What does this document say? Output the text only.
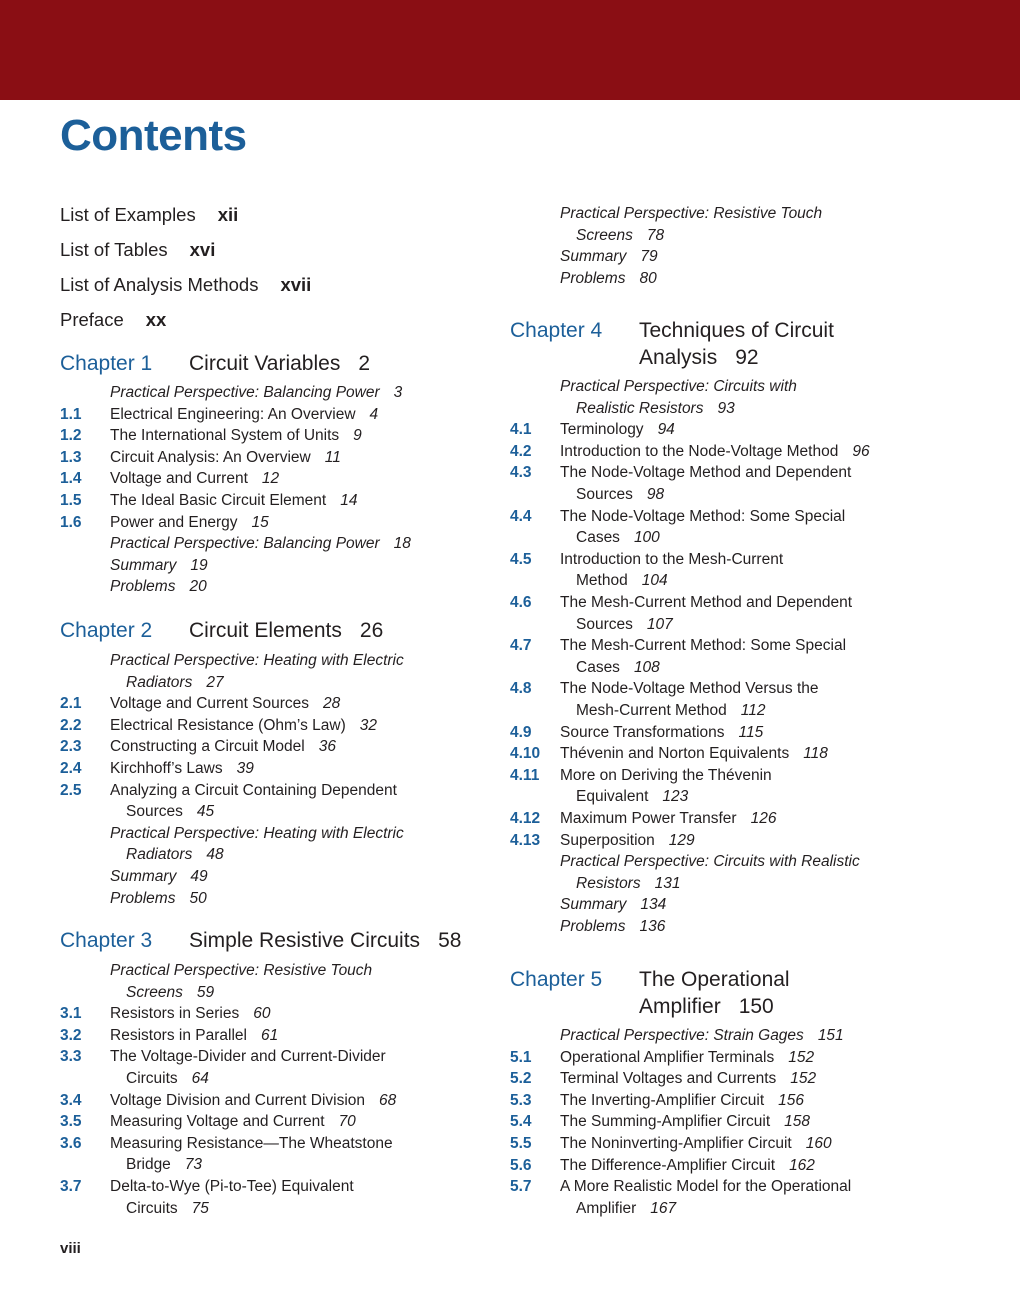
Contents
List of Examples xii
List of Tables xvi
List of Analysis Methods xvii
Preface xx
Chapter 1 Circuit Variables 2
Practical Perspective: Balancing Power 3
1.1 Electrical Engineering: An Overview 4
1.2 The International System of Units 9
1.3 Circuit Analysis: An Overview 11
1.4 Voltage and Current 12
1.5 The Ideal Basic Circuit Element 14
1.6 Power and Energy 15
Practical Perspective: Balancing Power 18
Summary 19
Problems 20
Chapter 2 Circuit Elements 26
Practical Perspective: Heating with Electric
Radiators 27
2.1 Voltage and Current Sources 28
2.2 Electrical Resistance (Ohm’s Law) 32
2.3 Constructing a Circuit Model 36
2.4 Kirchhoff’s Laws 39
2.5 Analyzing a Circuit Containing Dependent
Sources 45
Practical Perspective: Heating with Electric
Radiators 48
Summary 49
Problems 50
Chapter 3 Simple Resistive Circuits 58
Practical Perspective: Resistive Touch
Screens 59
3.1 Resistors in Series 60
3.2 Resistors in Parallel 61
3.3 The Voltage-Divider and Current-Divider
Circuits 64
3.4 Voltage Division and Current Division 68
3.5 Measuring Voltage and Current 70
3.6 Measuring Resistance—The Wheatstone
Bridge 73
3.7 Delta-to-Wye (Pi-to-Tee) Equivalent
Circuits 75
Practical Perspective: Resistive Touch
Screens 78
Summary 79
Problems 80
Chapter 4 Techniques of Circuit
Analysis 92
Practical Perspective: Circuits with
Realistic Resistors 93
4.1 Terminology 94
4.2 Introduction to the Node-Voltage Method 96
4.3 The Node-Voltage Method and Dependent
Sources 98
4.4 The Node-Voltage Method: Some Special
Cases 100
4.5 Introduction to the Mesh-Current
Method 104
4.6 The Mesh-Current Method and Dependent
Sources 107
4.7 The Mesh-Current Method: Some Special
Cases 108
4.8 The Node-Voltage Method Versus the
Mesh-Current Method 112
4.9 Source Transformations 115
4.10 Thévenin and Norton Equivalents 118
4.11 More on Deriving the Thévenin
Equivalent 123
4.12 Maximum Power Transfer 126
4.13 Superposition 129
Practical Perspective: Circuits with Realistic
Resistors 131
Summary 134
Problems 136
Chapter 5 The Operational
Amplifier 150
Practical Perspective: Strain Gages 151
5.1 Operational Amplifier Terminals 152
5.2 Terminal Voltages and Currents 152
5.3 The Inverting-Amplifier Circuit 156
5.4 The Summing-Amplifier Circuit 158
5.5 The Noninverting-Amplifier Circuit 160
5.6 The Difference-Amplifier Circuit 162
5.7 A More Realistic Model for the Operational
Amplifier 167
viii
